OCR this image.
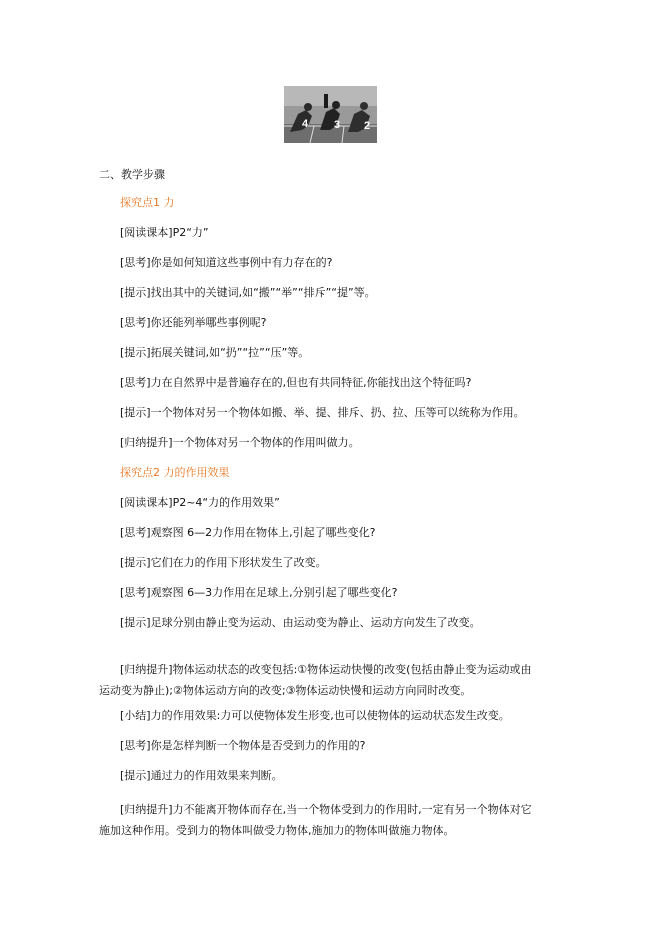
4 3 2
二、教学步骤
探究点1 力
[阅读课本]P2“力”
[思考]你是如何知道这些事例中有力存在的?
[提示]找出其中的关键词,如“搬”“举”“排斥”“提”等。
[思考]你还能列举哪些事例呢?
[提示]拓展关键词,如“扔”“拉”“压”等。
[思考]力在自然界中是普遍存在的,但也有共同特征,你能找出这个特征吗?
[提示]一个物体对另一个物体如搬、举、提、排斥、扔、拉、压等可以统称为作用。
[归纳提升]一个物体对另一个物体的作用叫做力。
探究点2 力的作用效果
[阅读课本]P2~4“力的作用效果”
[思考]观察图 6—2力作用在物体上,引起了哪些变化?
[提示]它们在力的作用下形状发生了改变。
[思考]观察图 6—3力作用在足球上,分别引起了哪些变化?
[提示]足球分别由静止变为运动、由运动变为静止、运动方向发生了改变。
[归纳提升]物体运动状态的改变包括:①物体运动快慢的改变(包括由静止变为运动或由运动变为静止);②物体运动方向的改变;③物体运动快慢和运动方向同时改变。
[小结]力的作用效果:力可以使物体发生形变,也可以使物体的运动状态发生改变。
[思考]你是怎样判断一个物体是否受到力的作用的?
[提示]通过力的作用效果来判断。
[归纳提升]力不能离开物体而存在,当一个物体受到力的作用时,一定有另一个物体对它施加这种作用。受到力的物体叫做受力物体,施加力的物体叫做施力物体。
